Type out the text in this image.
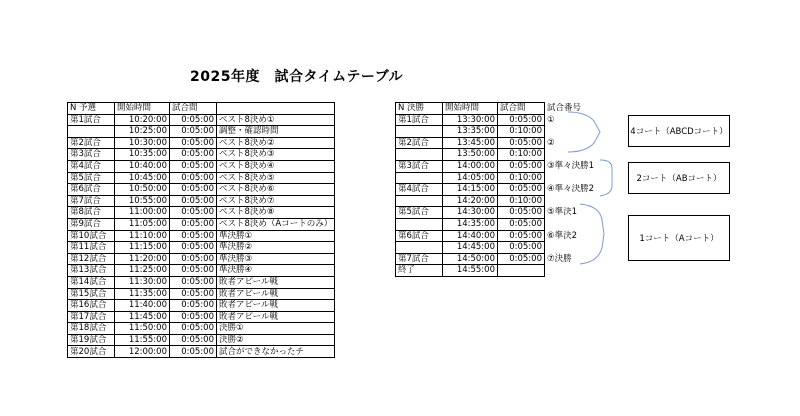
2025年度　試合タイムテーブル
N 予選	開始時間	試合間	
第1試合	10:20:00	0:05:00	ベスト8決め①
	10:25:00	0:05:00	調整・確認時間
第2試合	10:30:00	0:05:00	ベスト8決め②
第3試合	10:35:00	0:05:00	ベスト8決め③
第4試合	10:40:00	0:05:00	ベスト8決め④
第5試合	10:45:00	0:05:00	ベスト8決め⑤
第6試合	10:50:00	0:05:00	ベスト8決め⑥
第7試合	10:55:00	0:05:00	ベスト8決め⑦
第8試合	11:00:00	0:05:00	ベスト8決め⑧
第9試合	11:05:00	0:05:00	ベスト8決め（Aコートのみ）
第10試合	11:10:00	0:05:00	準決勝①
第11試合	11:15:00	0:05:00	準決勝②
第12試合	11:20:00	0:05:00	準決勝③
第13試合	11:25:00	0:05:00	準決勝④
第14試合	11:30:00	0:05:00	敗者アピール戦
第15試合	11:35:00	0:05:00	敗者アピール戦
第16試合	11:40:00	0:05:00	敗者アピール戦
第17試合	11:45:00	0:05:00	敗者アピール戦
第18試合	11:50:00	0:05:00	決勝①
第19試合	11:55:00	0:05:00	決勝②
第20試合	12:00:00	0:05:00	試合ができなかったチ
N 決勝	開始時間	試合間	試合番号
第1試合	13:30:00	0:05:00	①
	13:35:00	0:10:00	
第2試合	13:45:00	0:05:00	②
	13:50:00	0:10:00	
第3試合	14:00:00	0:05:00	③準々決勝1
	14:05:00	0:10:00	
第4試合	14:15:00	0:05:00	④準々決勝2
	14:20:00	0:10:00	
第5試合	14:30:00	0:05:00	⑤準決1
	14:35:00	0:05:00	
第6試合	14:40:00	0:05:00	⑥準決2
	14:45:00	0:05:00	
第7試合	14:50:00	0:05:00	⑦決勝
終了	14:55:00		
4コート（ABCDコート）
2コート（ABコート）
1コート（Aコート）
